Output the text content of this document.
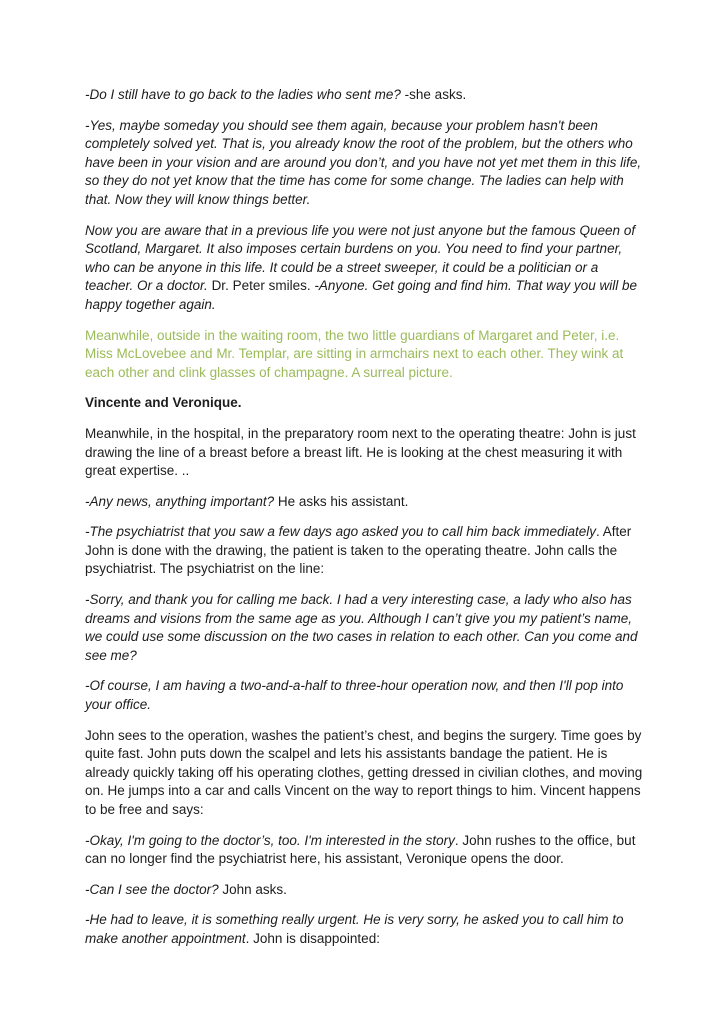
-Do I still have to go back to the ladies who sent me? -she asks.

-Yes, maybe someday you should see them again, because your problem hasn't been completely solved yet. That is, you already know the root of the problem, but the others who have been in your vision and are around you don’t, and you have not yet met them in this life, so they do not yet know that the time has come for some change. The ladies can help with that. Now they will know things better.

Now you are aware that in a previous life you were not just anyone but the famous Queen of Scotland, Margaret. It also imposes certain burdens on you. You need to find your partner, who can be anyone in this life. It could be a street sweeper, it could be a politician or a teacher. Or a doctor. Dr. Peter smiles. -Anyone. Get going and find him. That way you will be happy together again.

Meanwhile, outside in the waiting room, the two little guardians of Margaret and Peter, i.e. Miss McLovebee and Mr. Templar, are sitting in armchairs next to each other. They wink at each other and clink glasses of champagne. A surreal picture.

Vincente and Veronique.

Meanwhile, in the hospital, in the preparatory room next to the operating theatre: John is just drawing the line of a breast before a breast lift. He is looking at the chest measuring it with great expertise. ..

-Any news, anything important? He asks his assistant.

-The psychiatrist that you saw a few days ago asked you to call him back immediately. After John is done with the drawing, the patient is taken to the operating theatre. John calls the psychiatrist. The psychiatrist on the line:

-Sorry, and thank you for calling me back. I had a very interesting case, a lady who also has dreams and visions from the same age as you. Although I can’t give you my patient’s name, we could use some discussion on the two cases in relation to each other. Can you come and see me?

-Of course, I am having a two-and-a-half to three-hour operation now, and then I'll pop into your office.

John sees to the operation, washes the patient’s chest, and begins the surgery. Time goes by quite fast. John puts down the scalpel and lets his assistants bandage the patient. He is already quickly taking off his operating clothes, getting dressed in civilian clothes, and moving on. He jumps into a car and calls Vincent on the way to report things to him. Vincent happens to be free and says:

-Okay, I'm going to the doctor’s, too. I'm interested in the story. John rushes to the office, but can no longer find the psychiatrist here, his assistant, Veronique opens the door.

-Can I see the doctor? John asks.

-He had to leave, it is something really urgent. He is very sorry, he asked you to call him to make another appointment. John is disappointed:
